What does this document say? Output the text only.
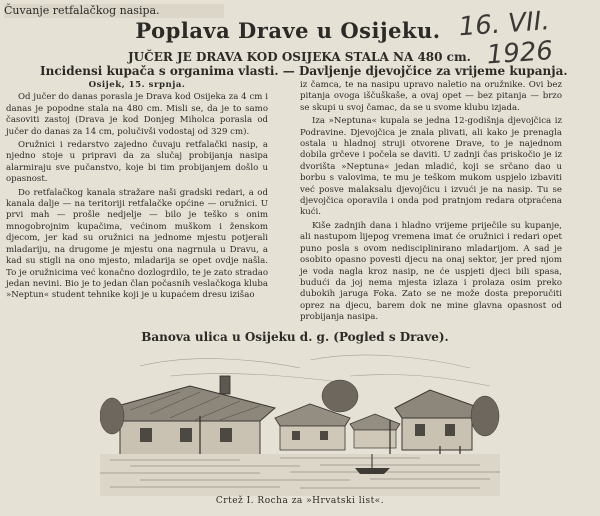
Čuvanje retfalačkog nasipa.
Poplava Drave u Osijeku. 16. VII.
1926
JUČER JE DRAVA KOD OSIJEKA STALA NA 480 cm.
Incidensi kupača s organima vlasti. — Davljenje djevojčice za vrijeme kupanja.

Osijek, 15. srpnja.

Od jučer do danas porasla je Drava kod Osijeka za 4 cm i danas je popodne stala na 480 cm. Misli se, da je to samo časoviti zastoj (Drava je kod Donjeg Miholca porasla od jučer do danas za 14 cm, polučivši vodostaj od 329 cm).

Oružnici i redarstvo zajedno čuvaju retfalački nasip, a njedno stoje u pripravi da za slučaj probijanja nasipa alarmiraju sve pučanstvo, koje bi tim probijanjem došlo u opasnost.

Do retfalačkog kanala stražare naši gradski redari, a od kanala dalje — na teritoriji retfalačke općine — oružnici. U prvi mah — prošle nedjelje — bilo je teško s onim mnogobrojnim kupačima, većinom muškom i ženskom djecom, jer kad su oružnici na jednome mjestu potjerali mladariju, na drugome je mjestu ona nagrnula u Dravu, a kad su stigli na ono mjesto, mladarija se opet ovdje našla. To je oružnicima već konačno dozlogrdilo, te je zato stradao jedan nevini. Bio je to jedan član počasnih veslačkoga kluba »Neptun« student tehnike koji je u kupaćem dresu izišao

iz čamca, te na nasipu upravo naletio na oružnike. Ovi bez pitanja ovoga iščuškaše, a ovaj opet — bez pitanja — brzo se skupi u svoj čamac, da se u svome klubu izjada.

Iza »Neptuna« kupala se jedna 12-godišnja djevojčica iz Podravine. Djevojčica je znala plivati, ali kako je prenagla ostala u hladnoj struji otvorene Drave, to je najednom dobila grčeve i počela se daviti. U zadnji čas priskočio je iz dvorišta »Neptuna« jedan mladić, koji se srčano dao u borbu s valovima, te mu je teškom mukom uspjelo izbaviti već posve malaksalu djevojčicu i izvući je na nasip. Tu se djevojčica oporavila i onda pod pratnjom redara otpraćena kući.

Kiše zadnjih dana i hladno vrijeme priječile su kupanje, ali nastupom lijepog vremena imat će oružnici i redari opet puno posla s ovom nedisciplinirano mladarijom. A sad je osobito opasno povesti djecu na onaj sektor, jer pred njom je voda nagla kroz nasip, ne će uspjeti djeci bili spasa, budući da joj nema mjesta izlaza i prolaza osim preko dubokih jaruga Foka. Zato se ne može dosta preporučiti oprez na djecu, barem dok ne mine glavna opasnost od probijanja nasipa.

Banova ulica u Osijeku d. g. (Pogled s Drave).
Crtež I. Rocha za »Hrvatski list«.
